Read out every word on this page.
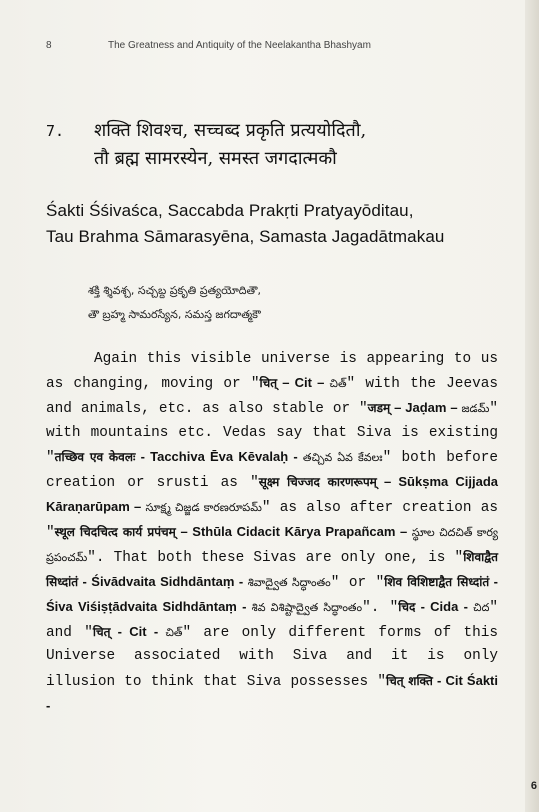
8	The Greatness and Antiquity of the Neelakantha Bhashyam
7. शक्ति शिवश्च, सच्चब्द प्रकृति प्रत्ययोदितौ,
तौ ब्रह्म सामरस्येन, समस्त जगदात्मकौ
Śakti Śśivaśca, Saccabda Prakṛti Pratyayōditau,
Tau Brahma Sāmarasyēna, Samasta Jagadātmakau
శక్తి శ్శివశ్చ, సచ్చబ్ద ప్రకృతి ప్రత్యయోదితౌ,
తౌ బ్రహ్మ సామరస్యేన, సమస్త జగదాత్మకౌ

Again this visible universe is appearing to us as changing, moving or "चित् – Cit – చిత్" with the Jeevas and animals, etc. as also stable or "जडम् – Jaḍam – జడమ్" with mountains etc. Vedas say that Siva is existing "तच्छिव एव केवलः - Tacchiva Ēva Kēvalaḥ - తచ్చివ ఏవ కేవలః" both before creation or srusti as "सूक्ष्म चिज्जद कारणरूपम् – Sūkṣma Cijjada Kāraṇarūpam – సూక్ష్మ చిజ్జడ కారణరూపమ్" as also after creation as "स्थूल चिदचित्द कार्य प्रपंचम् – Sthūla Cidacit Kārya Prapañcam – స్థూల చిదచిత్ కార్య ప్రపంచమ్". That both these Sivas are only one, is "शिवाद्वैत सिध्दांतं - Śivādvaita Sidhdāntaṃ - శివాద్వైత సిద్ధాంతం" or "शिव विशिष्टाद्वैत सिध्दांतं - Śiva Viśiṣṭādvaita Sidhdāntaṃ - శివ విశిష్టాద్వైత సిద్ధాంతం". "चिद - Cida - చిద" and "चित् - Cit - చిత్" are only different forms of this Universe associated with Siva and it is only illusion to think that Siva possesses "चित् शक्ति - Cit Śakti -

6
